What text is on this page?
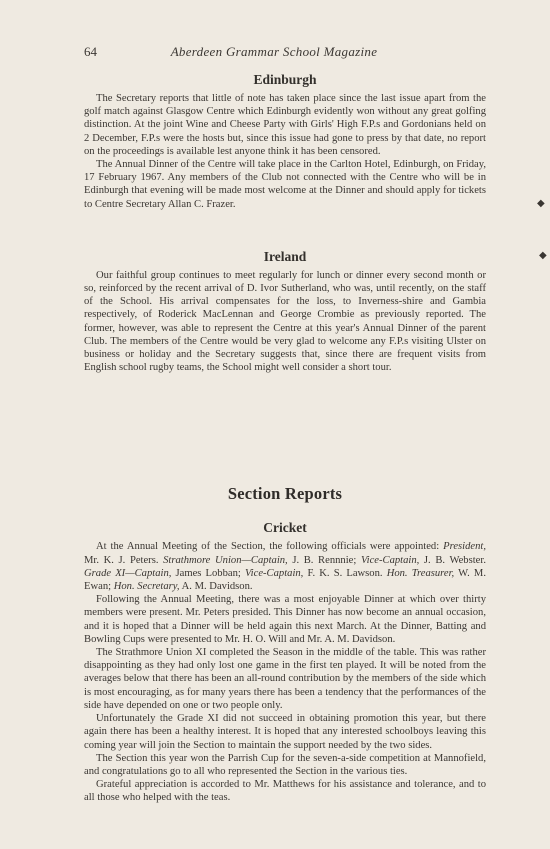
64	Aberdeen Grammar School Magazine
Edinburgh

The Secretary reports that little of note has taken place since the last issue apart from the golf match against Glasgow Centre which Edinburgh evidently won without any great golfing distinction. At the joint Wine and Cheese Party with Girls' High F.P.s and Gordonians held on 2 December, F.P.s were the hosts but, since this issue had gone to press by that date, no report on the proceedings is available lest anyone think it has been censored.

The Annual Dinner of the Centre will take place in the Carlton Hotel, Edinburgh, on Friday, 17 February 1967. Any members of the Club not connected with the Centre who will be in Edinburgh that evening will be made most welcome at the Dinner and should apply for tickets to Centre Secretary Allan C. Frazer.

Ireland

Our faithful group continues to meet regularly for lunch or dinner every second month or so, reinforced by the recent arrival of D. Ivor Sutherland, who was, until recently, on the staff of the School. His arrival compensates for the loss, to Inverness-shire and Gambia respectively, of Roderick MacLennan and George Crombie as previously reported. The former, however, was able to represent the Centre at this year's Annual Dinner of the parent Club. The members of the Centre would be very glad to welcome any F.P.s visiting Ulster on business or holiday and the Secretary suggests that, since there are frequent visits from English school rugby teams, the School might well consider a short tour.

Section Reports
Cricket

At the Annual Meeting of the Section, the following officials were appointed: President, Mr. K. J. Peters. Strathmore Union—Captain, J. B. Rennnie; Vice-Captain, J. B. Webster. Grade XI—Captain, James Lobban; Vice-Captain, F. K. S. Lawson. Hon. Treasurer, W. M. Ewan; Hon. Secretary, A. M. Davidson.

Following the Annual Meeting, there was a most enjoyable Dinner at which over thirty members were present. Mr. Peters presided. This Dinner has now become an annual occasion, and it is hoped that a Dinner will be held again this next March. At the Dinner, Batting and Bowling Cups were presented to Mr. H. O. Will and Mr. A. M. Davidson.

The Strathmore Union XI completed the Season in the middle of the table. This was rather disappointing as they had only lost one game in the first ten played. It will be noted from the averages below that there has been an all-round contribution by the members of the side which is most encouraging, as for many years there has been a tendency that the performances of the side have depended on one or two people only.

Unfortunately the Grade XI did not succeed in obtaining promotion this year, but there again there has been a healthy interest. It is hoped that any interested schoolboys leaving this coming year will join the Section to maintain the support needed by the two sides.

The Section this year won the Parrish Cup for the seven-a-side competition at Mannofield, and congratulations go to all who represented the Section in the various ties.

Grateful appreciation is accorded to Mr. Matthews for his assistance and tolerance, and to all those who helped with the teas.

◆
◆
